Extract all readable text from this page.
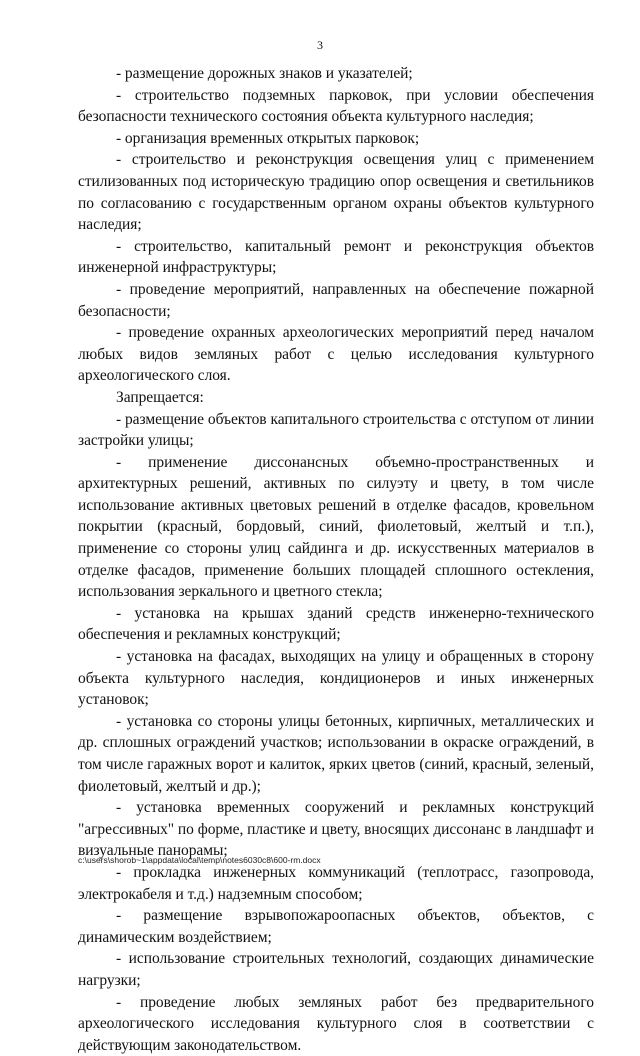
3

- размещение дорожных знаков и указателей;

- строительство подземных парковок, при условии обеспечения безопасности технического состояния объекта культурного наследия;

- организация временных открытых парковок;

- строительство и реконструкция освещения улиц с применением стилизованных под историческую традицию опор освещения и светильников по согласованию с государственным органом охраны объектов культурного наследия;

- строительство, капитальный ремонт и реконструкция объектов инженерной инфраструктуры;

- проведение мероприятий, направленных на обеспечение пожарной безопасности;

- проведение охранных археологических мероприятий перед началом любых видов земляных работ с целью исследования культурного археологического слоя.

Запрещается:

- размещение объектов капитального строительства с отступом от линии застройки улицы;

- применение диссонансных объемно-пространственных и архитектурных решений, активных по силуэту и цвету, в том числе использование активных цветовых решений в отделке фасадов, кровельном покрытии (красный, бордовый, синий, фиолетовый, желтый и т.п.), применение со стороны улиц сайдинга и др. искусственных материалов в отделке фасадов, применение больших площадей сплошного остекления, использования зеркального и цветного стекла;

- установка на крышах зданий средств инженерно-технического обеспечения и рекламных конструкций;

- установка на фасадах, выходящих на улицу и обращенных в сторону объекта культурного наследия, кондиционеров и иных инженерных установок;

- установка со стороны улицы бетонных, кирпичных, металлических и др. сплошных ограждений участков; использовании в окраске ограждений, в том числе гаражных ворот и калиток, ярких цветов (синий, красный, зеленый, фиолетовый, желтый и др.);

- установка временных сооружений и рекламных конструкций "агрессивных" по форме, пластике и цвету, вносящих диссонанс в ландшафт и визуальные панорамы;

- прокладка инженерных коммуникаций (теплотрасс, газопровода, электрокабеля и т.д.) надземным способом;

- размещение взрывопожароопасных объектов, объектов, с динамическим воздействием;

- использование строительных технологий, создающих динамические нагрузки;

- проведение любых земляных работ без предварительного археологического исследования культурного слоя в соответствии с действующим законодательством.

c:\users\shorob~1\appdata\local\temp\notes6030c8\600-rm.docx
